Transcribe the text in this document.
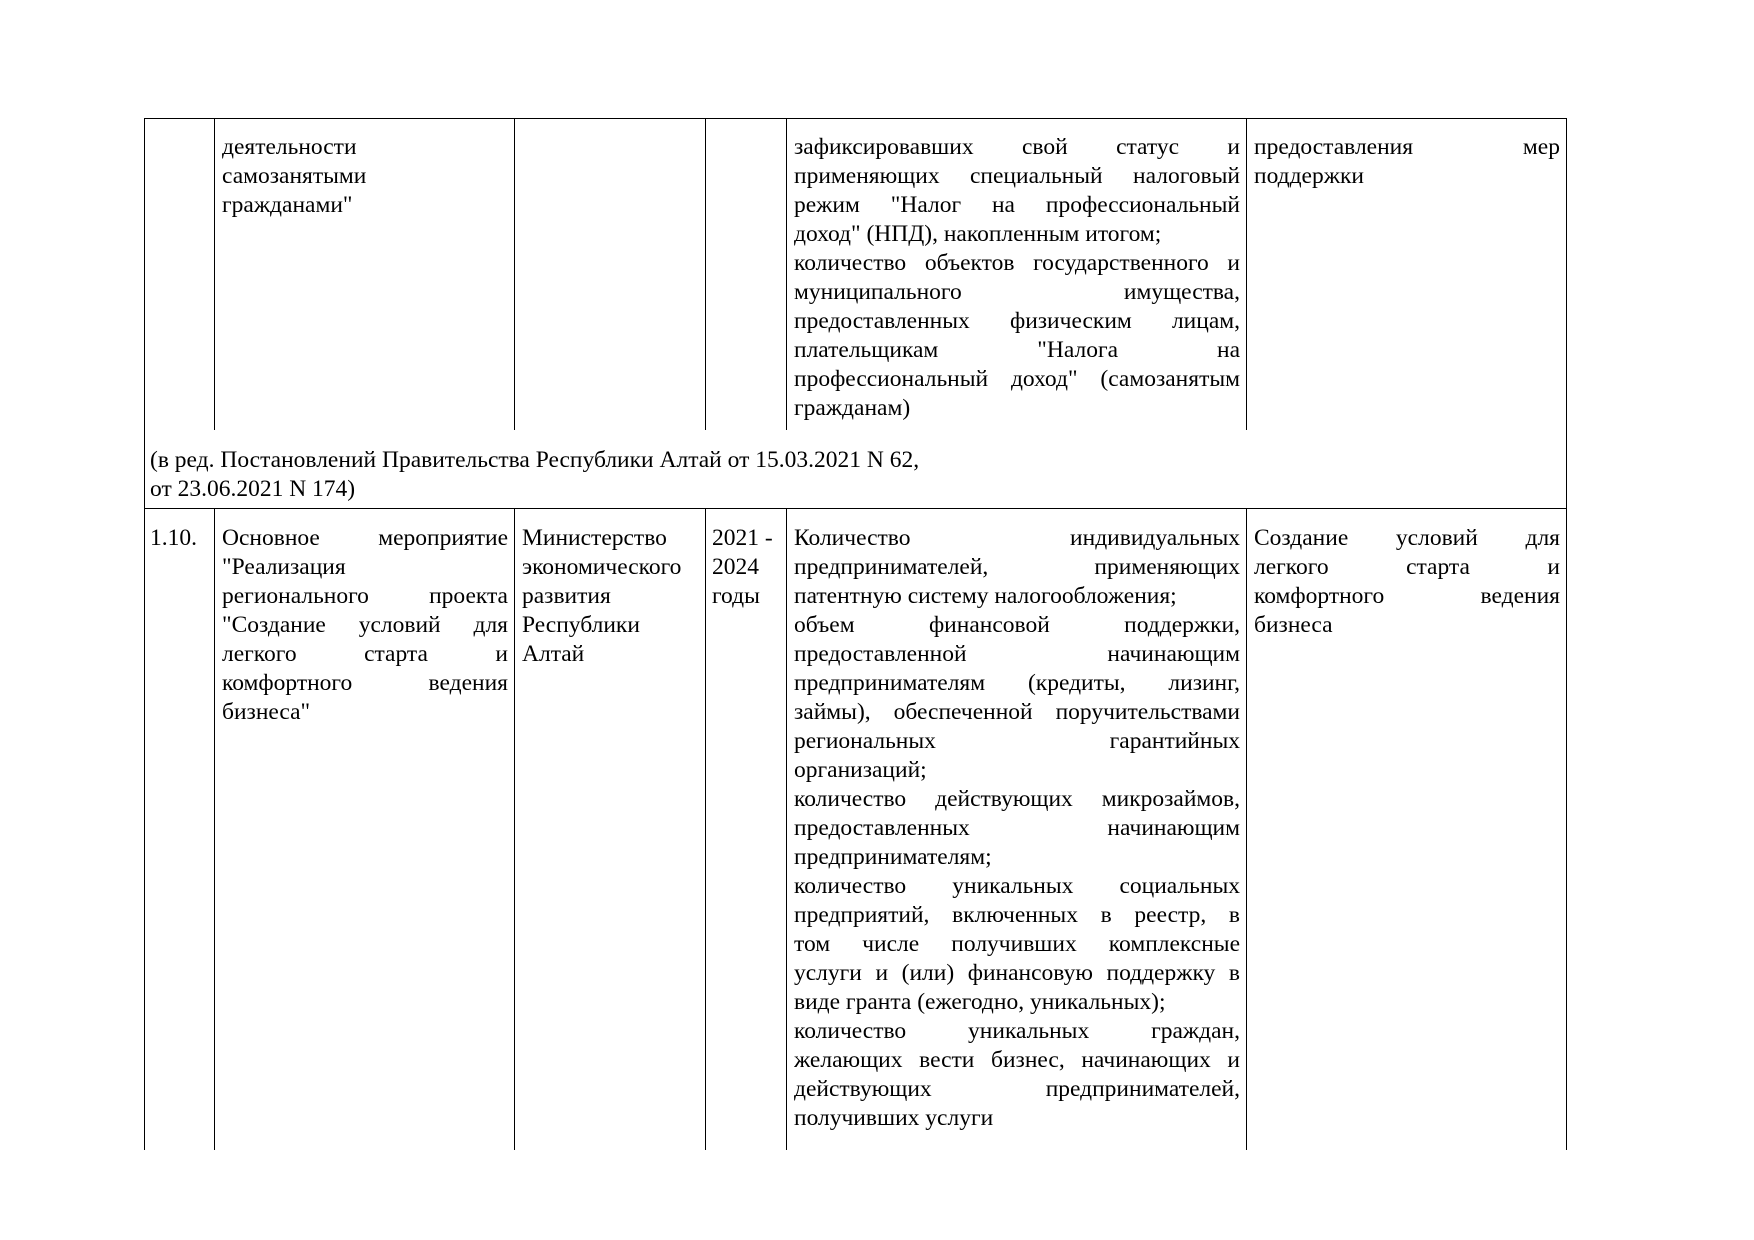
деятельности
самозанятыми
гражданами"
зафиксировавших свой статус и
применяющих специальный налоговый
режим "Налог на профессиональный
доход" (НПД), накопленным итогом;
количество объектов государственного и
муниципального имущества,
предоставленных физическим лицам,
плательщикам "Налога на
профессиональный доход" (самозанятым
гражданам)
предоставления мер
поддержки
(в ред. Постановлений Правительства Республики Алтай от 15.03.2021 N 62,
от 23.06.2021 N 174)
1.10.	Основное мероприятие
"Реализация
регионального проекта
"Создание условий для
легкого старта и
комфортного ведения
бизнеса"
Министерство
экономического
развития
Республики
Алтай
2021 -
2024
годы
Количество индивидуальных
предпринимателей, применяющих
патентную систему налогообложения;
объем финансовой поддержки,
предоставленной начинающим
предпринимателям (кредиты, лизинг,
займы), обеспеченной поручительствами
региональных гарантийных
организаций;
количество действующих микрозаймов,
предоставленных начинающим
предпринимателям;
количество уникальных социальных
предприятий, включенных в реестр, в
том числе получивших комплексные
услуги и (или) финансовую поддержку в
виде гранта (ежегодно, уникальных);
количество уникальных граждан,
желающих вести бизнес, начинающих и
действующих предпринимателей,
получивших услуги
Создание условий для
легкого старта и
комфортного ведения
бизнеса
